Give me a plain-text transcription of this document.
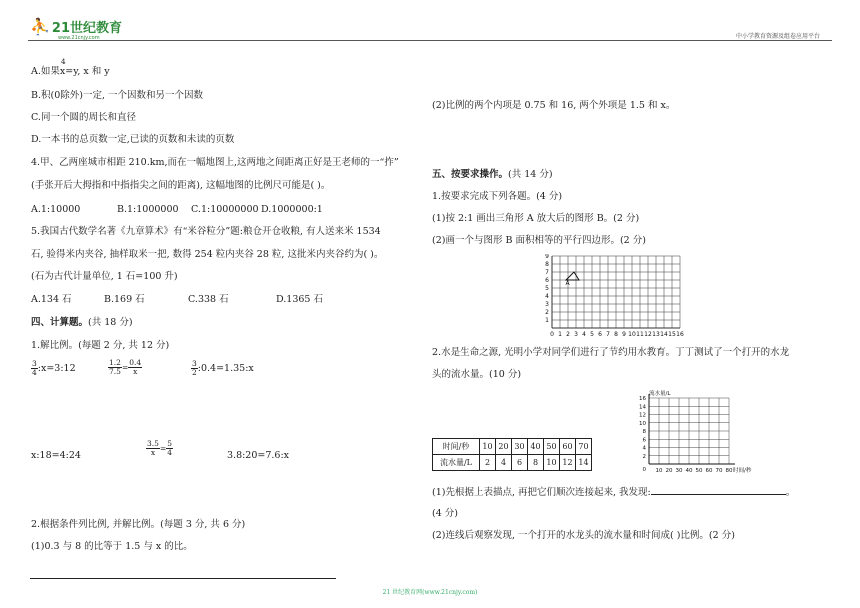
⛹ 21世纪教育
www.21cnjy.com	中小学教育资源及组卷应用平台
A.如果
4
x=y, x 和 y
B.积(0除外)一定, 一个因数和另一个因数
C.同一个圆的周长和直径
D.一本书的总页数一定,已读的页数和未读的页数
4.甲、乙两座城市相距 210.km,而在一幅地图上,这两地之间距离正好是王老师的一“拃”
(手张开后大拇指和中指指尖之间的距离), 这幅地图的比例尺可能是( )。
A.1:10000	B.1:1000000 C.1:10000000 D.1000000:1
5.我国古代数学名著《九章算术》有“米谷粒分”题:粮仓开仓收粮, 有人送来米 1534
石, 验得米内夹谷, 抽样取米一把, 数得 254 粒内夹谷 28 粒, 这批米内夹谷约为( )。
(石为古代计量单位, 1 石=100 升)
A.134 石	B.169 石	C.338 石	D.1365 石
四、计算题。(共 18 分)
1.解比例。(每题 2 分, 共 12 分)
$\frac{3}{4}$ :x=3:12	$\frac{1.2}{7.5} = \frac{0.4}{x}$	$\frac{3}{2}$ :0.4=1.35:x
x:18=4:24	$\frac{3.5}{x} = \frac{5}{4}$	3.8:20=7.6:x
2.根据条件列比例, 并解比例。(每题 3 分, 共 6 分)
(1)0.3 与 8 的比等于 1.5 与 x 的比。
(2)比例的两个内项是 0.75 和 16, 两个外项是 1.5 和 x。
五、按要求操作。(共 14 分)
1.按要求完成下列各题。(4 分)
(1)按 2:1 画出三角形 A 放大后的图形 B。(2 分)
(2)画一个与图形 B 面积相等的平行四边形。(2 分)
A
0 1 2 3 4 5 6 7 8 9 10 11 12 13 14 15 16
1
2
3
4
5
6
7
8
9
2.水是生命之源, 光明小学对同学们进行了节约用水教育。丁丁测试了一个打开的水龙
头的流水量。(10 分)
时间/秒	10	20	30	40	50	60	70
流水量/L	2	4	6	8	10	12	14
10 20 30 40 50 60 70 80
0
2
4
6
8
10
12
14
16
流水量/L
时间/秒
(1)先根据上表描点, 再把它们顺次连接起来, 我发现:	。
(4 分)
(2)连线后观察发现, 一个打开的水龙头的流水量和时间成( )比例。(2 分)
21 世纪教育网(www.21cnjy.com)
